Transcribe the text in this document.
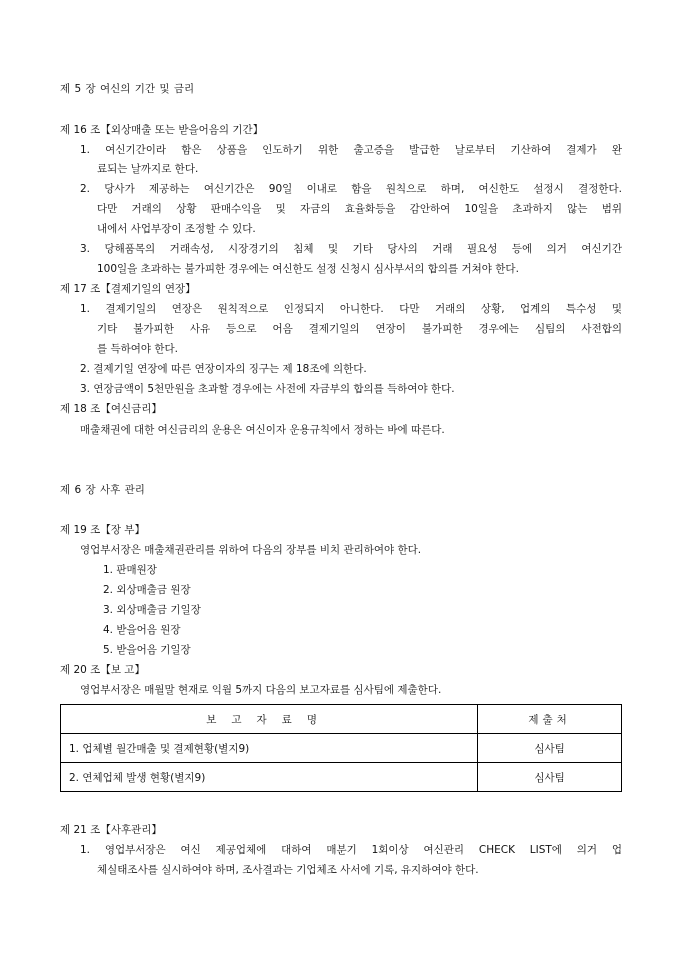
제 5 장 여신의 기간 및 금리
제 16 조【외상매출 또는 받을어음의 기간】
1. 여신기간이라 함은 상품을 인도하기 위한 출고증을 발급한 날로부터 기산하여 결제가 완
료되는 날까지로 한다.
2. 당사가 제공하는 여신기간은 90일 이내로 함을 원칙으로 하며, 여신한도 설정시 결정한다.
다만 거래의 상황 판매수익을 및 자금의 효율화등을 감안하여 10일을 초과하지 않는 범위
내에서 사업부장이 조정할 수 있다.
3. 당해품목의 거래속성, 시장경기의 침체 및 기타 당사의 거래 필요성 등에 의거 여신기간
100일을 초과하는 불가피한 경우에는 여신한도 설정 신청시 심사부서의 합의를 거쳐야 한다.
제 17 조【결제기일의 연장】
1. 결제기일의 연장은 원칙적으로 인정되지 아니한다. 다만 거래의 상황, 업계의 특수성 및
기타 불가피한 사유 등으로 어음 결제기일의 연장이 불가피한 경우에는 심팀의 사전합의
를 득하여야 한다.
2. 결제기일 연장에 따른 연장이자의 징구는 제 18조에 의한다.
3. 연장금액이 5천만원을 초과할 경우에는 사전에 자금부의 합의를 득하여야 한다.
제 18 조【여신금리】
매출채권에 대한 여신금리의 운용은 여신이자 운용규칙에서 정하는 바에 따른다.
제 6 장 사후 관리
제 19 조【장 부】
영업부서장은 매출채권관리를 위하여 다음의 장부를 비치 관리하여야 한다.
1. 판매원장
2. 외상매출금 원장
3. 외상매출금 기일장
4. 받을어음 원장
5. 받을어음 기일장
제 20 조【보 고】
영업부서장은 매월말 현재로 익월 5까지 다음의 보고자료를 심사팀에 제출한다.
보고자료명	제출처
1. 업체별 월간매출 및 결제현황(별지9)	심사팀
2. 연체업체 발생 현황(별지9)	심사팀
제 21 조【사후관리】
1. 영업부서장은 여신 제공업체에 대하여 매분기 1회이상 여신관리 CHECK LIST에 의거 업
체실태조사를 실시하여야 하며, 조사결과는 기업체조 사서에 기록, 유지하여야 한다.
